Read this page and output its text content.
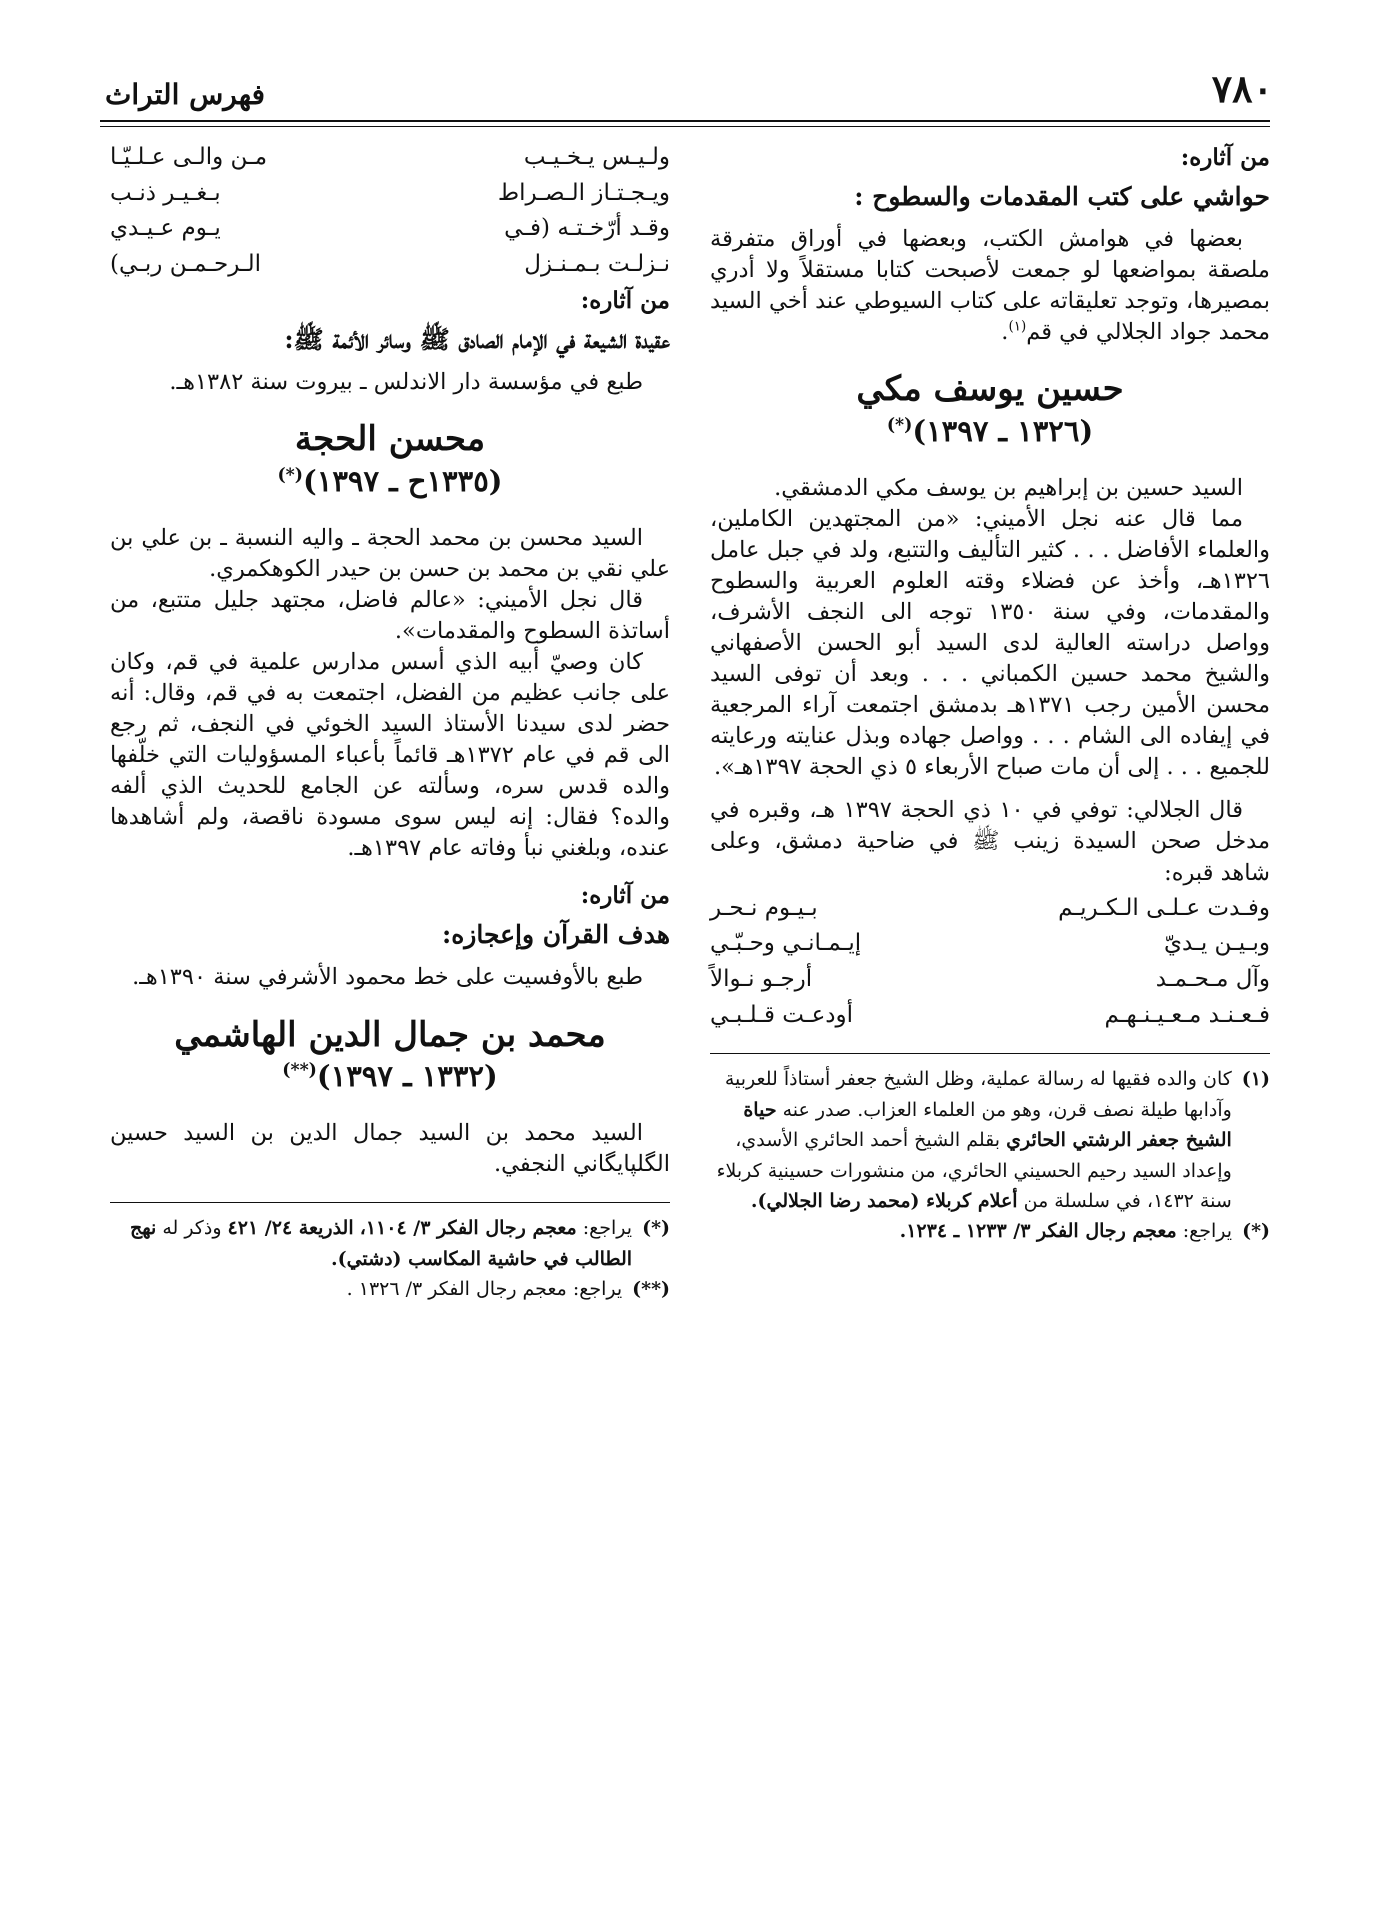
٧٨٠
فهرس التراث
من آثاره:
حواشي على كتب المقدمات والسطوح :

بعضها في هوامش الكتب، وبعضها في أوراق متفرقة ملصقة بمواضعها لو جمعت لأصبحت كتابا مستقلاً ولا أدري بمصيرها، وتوجد تعليقاته على كتاب السيوطي عند أخي السيد محمد جواد الجلالي في قم$^{(١)}$.

حسين يوسف مكي
(١٣٢٦ ـ ١٣٩٧)(*)

السيد حسين بن إبراهيم بن يوسف مكي الدمشقي.

مما قال عنه نجل الأميني: «من المجتهدين الكاملين، والعلماء الأفاضل . . . كثير التأليف والتتبع، ولد في جبل عامل ١٣٢٦هـ، وأخذ عن فضلاء وقته العلوم العربية والسطوح والمقدمات، وفي سنة ١٣٥٠ توجه الى النجف الأشرف، وواصل دراسته العالية لدى السيد أبو الحسن الأصفهاني والشيخ محمد حسين الكمباني . . . وبعد أن توفى السيد محسن الأمين رجب ١٣٧١هـ بدمشق اجتمعت آراء المرجعية في إيفاده الى الشام . . . وواصل جهاده وبذل عنايته ورعايته للجميع . . . إلى أن مات صباح الأربعاء ٥ ذي الحجة ١٣٩٧هـ».

قال الجلالي: توفي في ١٠ ذي الحجة ١٣٩٧ هـ، وقبره في مدخل صحن السيدة زينب ﷺ في ضاحية دمشق، وعلى شاهد قبره:

وفـدت عـلـى الـكـريـم
بـيـوم نـحـر
وبـيـن يـديّ
إيـمـانـي وحـبّـي
وآل مـحـمـد
أرجـو نـوالاً
فـعـنـد مـعـيـنـهـم
أودعـت قـلـبـي
(١)
كان والده فقيها له رسالة عملية، وظل الشيخ جعفر أستاذاً للعربية وآدابها طيلة نصف قرن، وهو من العلماء العزاب. صدر عنه حياة الشيخ جعفر الرشتي الحائري بقلم الشيخ أحمد الحائري الأسدي، وإعداد السيد رحيم الحسيني الحائري، من منشورات حسينية كربلاء سنة ١٤٣٢، في سلسلة من أعلام كربلاء (محمد رضا الجلالي).
(*)
يراجع: معجم رجال الفكر ٣/ ١٢٣٣ ـ ١٢٣٤.
ولـيـس يـخـيـب
مـن والـى عـلـيّـا
ويـجـتـاز الـصـراط
بـغـيـر ذنـب
وقـد أرّخـتـه (فـي
يـوم عـيـدي
نـزلـت بـمـنـزل
الـرحـمـن ربـي)
من آثاره:
عقيدة الشيعة في الإمام الصادق ﷺ وسائر الأئمة ﷺ:

طبع في مؤسسة دار الاندلس ـ بيروت سنة ١٣٨٢هـ.

محسن الحجة
(١٣٣٥ح ـ ١٣٩٧)(*)

السيد محسن بن محمد الحجة ـ واليه النسبة ـ بن علي بن علي نقي بن محمد بن حسن بن حيدر الكوهكمري.

قال نجل الأميني: «عالم فاضل، مجتهد جليل متتبع، من أساتذة السطوح والمقدمات».

كان وصيّ أبيه الذي أسس مدارس علمية في قم، وكان على جانب عظيم من الفضل، اجتمعت به في قم، وقال: أنه حضر لدى سيدنا الأستاذ السيد الخوئي في النجف، ثم رجع الى قم في عام ١٣٧٢هـ قائماً بأعباء المسؤوليات التي خلّفها والده قدس سره، وسألته عن الجامع للحديث الذي ألفه والده؟ فقال: إنه ليس سوى مسودة ناقصة، ولم أشاهدها عنده، وبلغني نبأ وفاته عام ١٣٩٧هـ.

من آثاره:
هدف القرآن وإعجازه:

طبع بالأوفسيت على خط محمود الأشرفي سنة ١٣٩٠هـ.

محمد بن جمال الدين الهاشمي
(١٣٣٢ ـ ١٣٩٧)(**)

السيد محمد بن السيد جمال الدين بن السيد حسين الگلپايگاني النجفي.

(*)
يراجع: معجم رجال الفكر ٣/ ١١٠٤، الذريعة ٢٤/ ٤٢١ وذكر له نهج الطالب في حاشية المكاسب (دشتي).
(**)
يراجع: معجم رجال الفكر ٣/ ١٣٢٦ .
